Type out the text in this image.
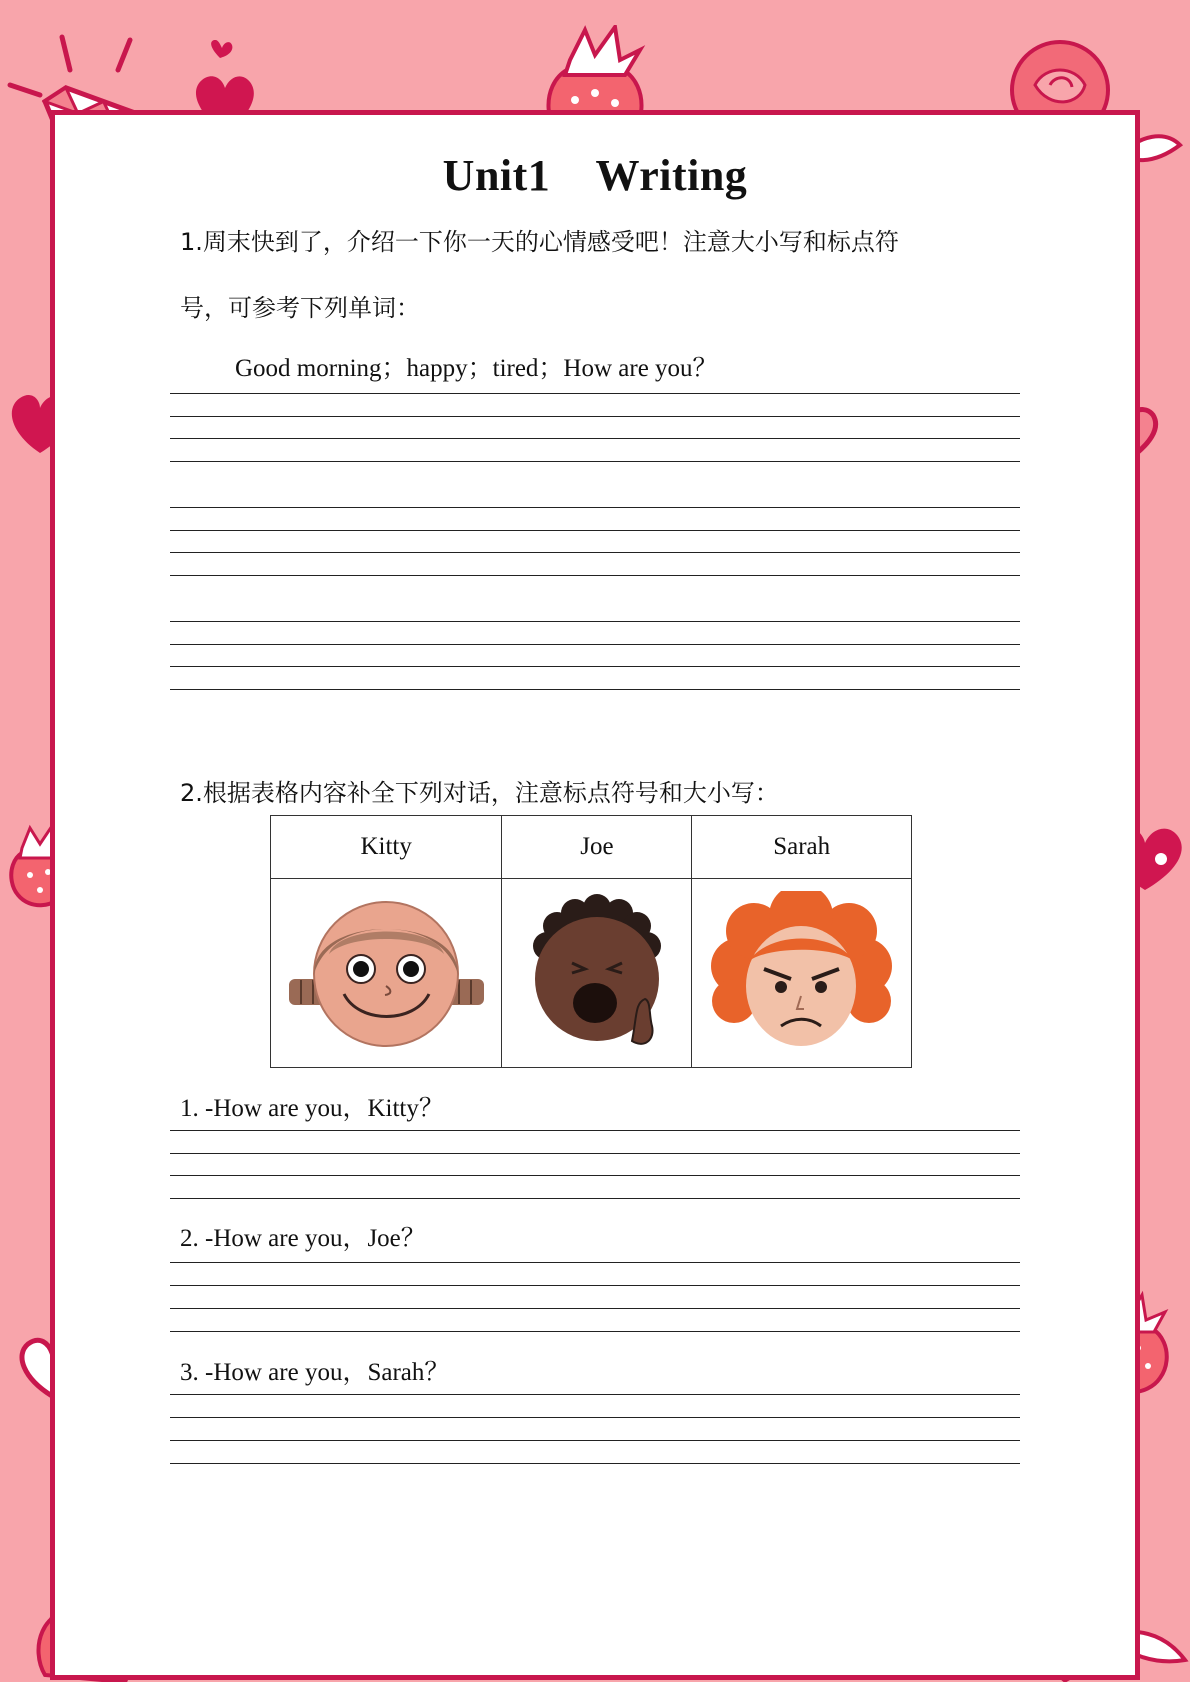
Unit1    Writing
1.周末快到了，介绍一下你一天的心情感受吧！注意大小写和标点符
号，可参考下列单词：
Good morning；happy；tired；How are you？
2.根据表格内容补全下列对话，注意标点符号和大小写：
Kitty	Joe	Sarah

1. -How are you，Kitty？
2. -How are you，Joe？
3. -How are you，Sarah？
